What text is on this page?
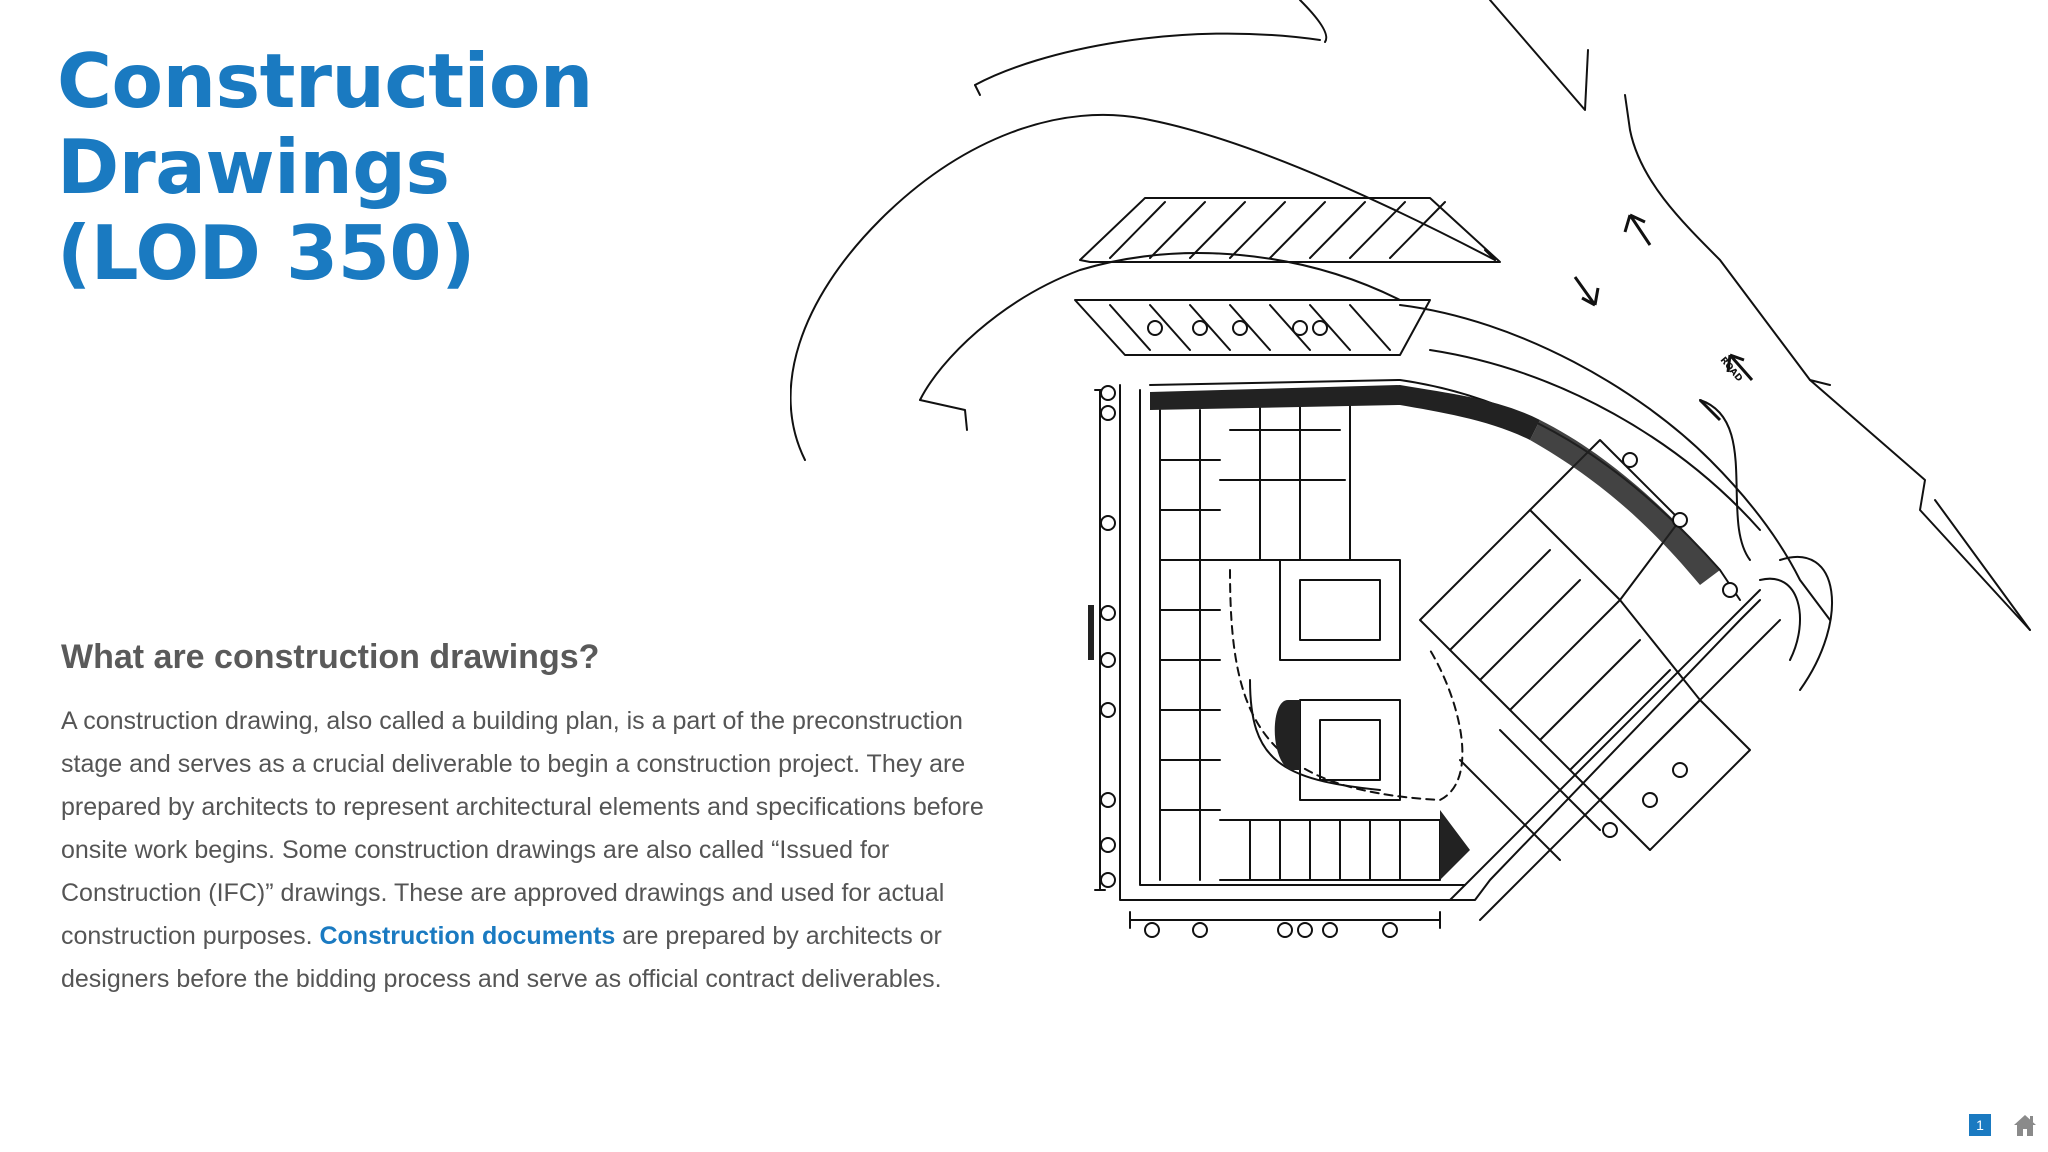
Construction Drawings
(LOD 350)
ROAD
What are construction drawings?

A construction drawing, also called a building plan, is a part of the preconstruction
stage and serves as a crucial deliverable to begin a construction project. They are
prepared by architects to represent architectural elements and specifications before
onsite work begins. Some construction drawings are also called “Issued for
Construction (IFC)” drawings. These are approved drawings and used for actual
construction purposes. Construction documents are prepared by architects or
designers before the bidding process and serve as official contract deliverables.

1
